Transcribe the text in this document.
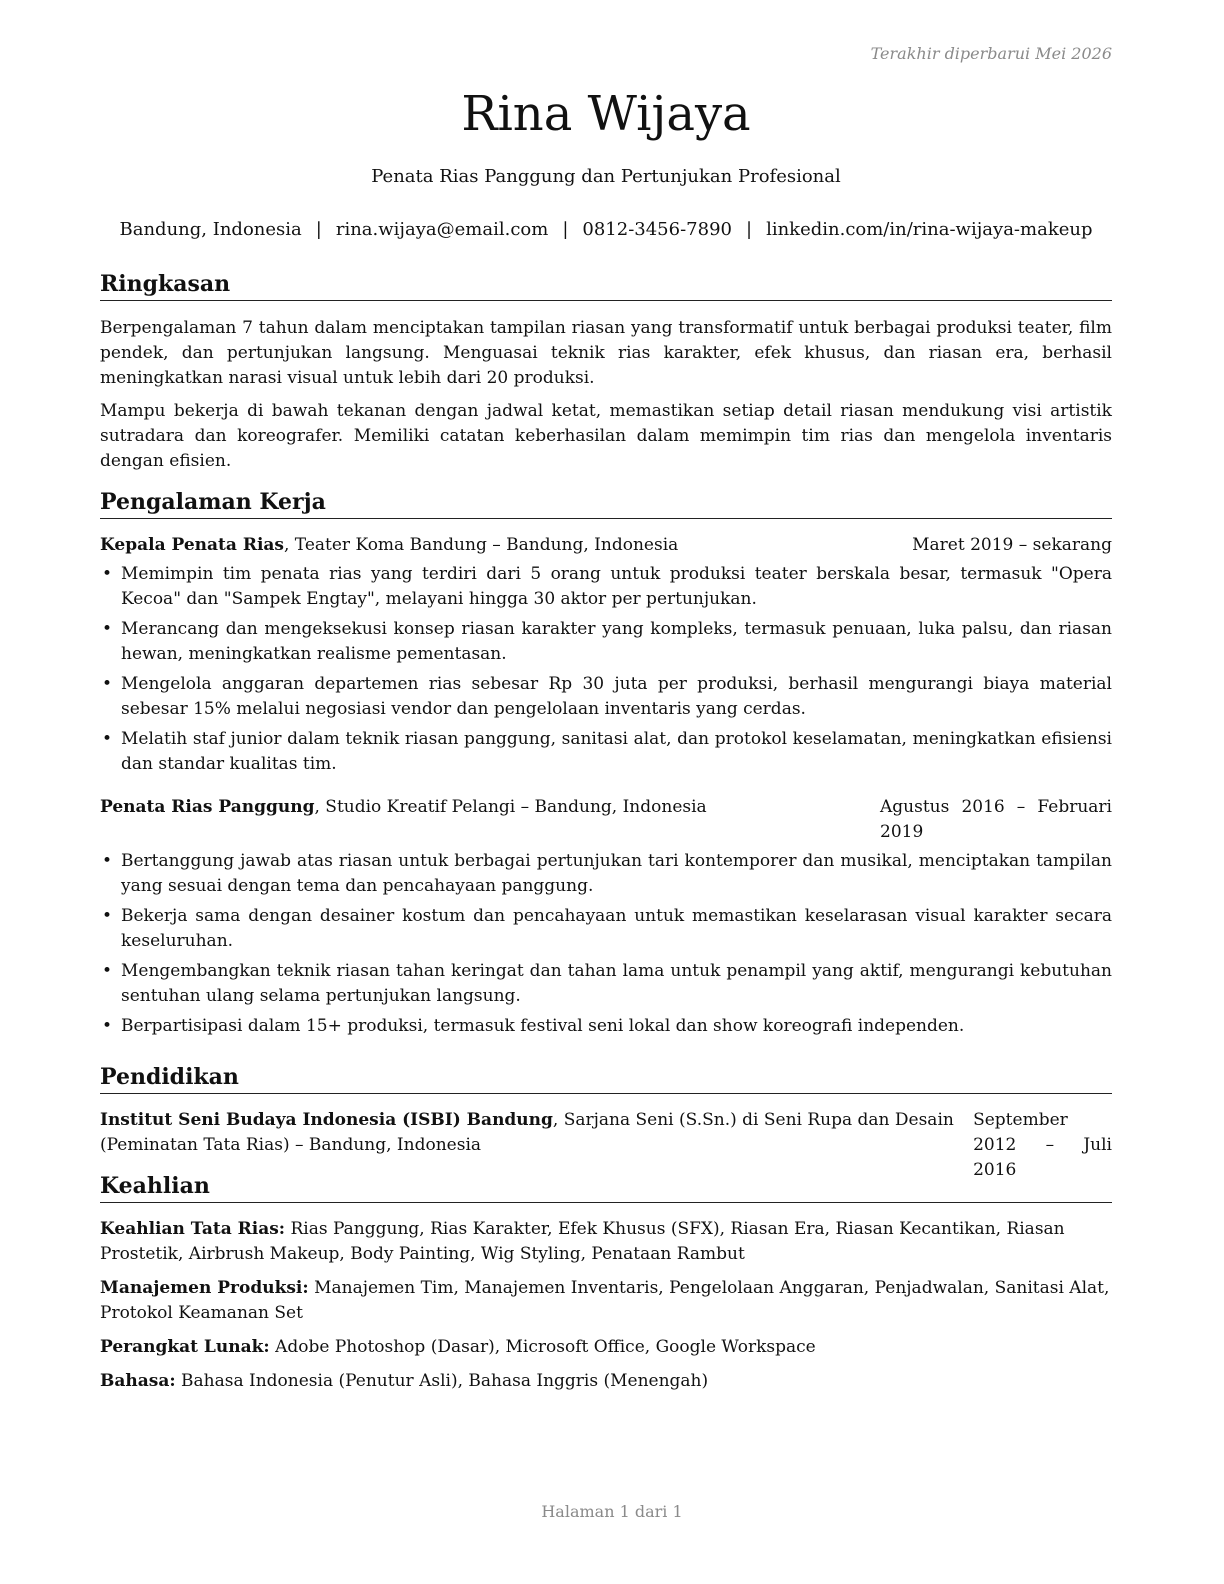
Terakhir diperbarui Mei 2026
Rina Wijaya
Penata Rias Panggung dan Pertunjukan Profesional
Bandung, Indonesia | rina.wijaya@email.com | 0812-3456-7890 | linkedin.com/in/rina-wijaya-makeup
Ringkasan

Berpengalaman 7 tahun dalam menciptakan tampilan riasan yang transformatif untuk berbagai produksi teater, film pendek, dan pertunjukan langsung. Menguasai teknik rias karakter, efek khusus, dan riasan era, berhasil meningkatkan narasi visual untuk lebih dari 20 produksi.

Mampu bekerja di bawah tekanan dengan jadwal ketat, memastikan setiap detail riasan mendukung visi artistik sutradara dan koreografer. Memiliki catatan keberhasilan dalam memimpin tim rias dan mengelola inventaris dengan efisien.

Pengalaman Kerja
Kepala Penata Rias, Teater Koma Bandung – Bandung, Indonesia	Maret 2019 – sekarang
• Memimpin tim penata rias yang terdiri dari 5 orang untuk produksi teater berskala besar, termasuk "Opera Kecoa" dan "Sampek Engtay", melayani hingga 30 aktor per pertunjukan.
• Merancang dan mengeksekusi konsep riasan karakter yang kompleks, termasuk penuaan, luka palsu, dan riasan hewan, meningkatkan realisme pementasan.
• Mengelola anggaran departemen rias sebesar Rp 30 juta per produksi, berhasil mengurangi biaya material sebesar 15% melalui negosiasi vendor dan pengelolaan inventaris yang cerdas.
• Melatih staf junior dalam teknik riasan panggung, sanitasi alat, dan protokol keselamatan, meningkatkan efisiensi dan standar kualitas tim.
Penata Rias Panggung, Studio Kreatif Pelangi – Bandung, Indonesia	Agustus 2016 – Februari 2019
• Bertanggung jawab atas riasan untuk berbagai pertunjukan tari kontemporer dan musikal, menciptakan tampilan yang sesuai dengan tema dan pencahayaan panggung.
• Bekerja sama dengan desainer kostum dan pencahayaan untuk memastikan keselarasan visual karakter secara keseluruhan.
• Mengembangkan teknik riasan tahan keringat dan tahan lama untuk penampil yang aktif, mengurangi kebutuhan sentuhan ulang selama pertunjukan langsung.
• Berpartisipasi dalam 15+ produksi, termasuk festival seni lokal dan show koreografi independen.
Pendidikan
Institut Seni Budaya Indonesia (ISBI) Bandung, Sarjana Seni (S.Sn.) di Seni Rupa dan Desain (Peminatan Tata Rias) – Bandung, Indonesia
September 2012 – Juli 2016
Keahlian

Keahlian Tata Rias: Rias Panggung, Rias Karakter, Efek Khusus (SFX), Riasan Era, Riasan Kecantikan, Riasan Prostetik, Airbrush Makeup, Body Painting, Wig Styling, Penataan Rambut

Manajemen Produksi: Manajemen Tim, Manajemen Inventaris, Pengelolaan Anggaran, Penjadwalan, Sanitasi Alat, Protokol Keamanan Set

Perangkat Lunak: Adobe Photoshop (Dasar), Microsoft Office, Google Workspace

Bahasa: Bahasa Indonesia (Penutur Asli), Bahasa Inggris (Menengah)

Halaman 1 dari 1
